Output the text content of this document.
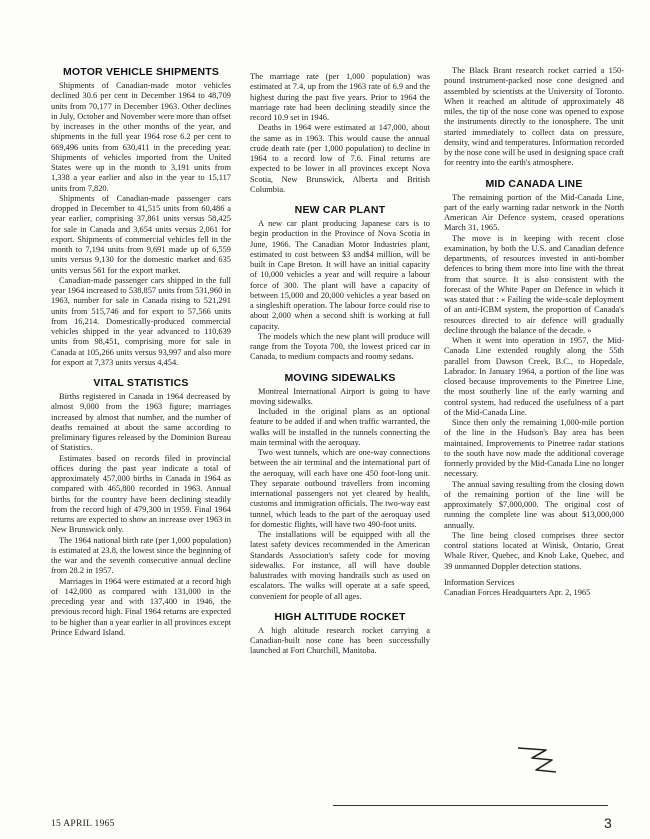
MOTOR VEHICLE SHIPMENTS

Shipments of Canadian-made motor vehicles declined 30.6 per cent in December 1964 to 48,709 units from 70,177 in December 1963. Other declines in July, October and November were more than offset by increases in the other months of the year, and shipments in the full year 1964 rose 6.2 per cent to 669,496 units from 630,411 in the preceding year. Shipments of vehicles imported from the United States were up in the month to 3,191 units from 1,338 a year earlier and also in the year to 15,117 units from 7,820.

Shipments of Canadian-made passenger cars dropped in December to 41,515 units from 60,486 a year earlier, comprising 37,861 units versus 58,425 for sale in Canada and 3,654 units versus 2,061 for export. Shipments of commercial vehicles fell in the month to 7,194 units from 9,691 made up of 6,559 units versus 9,130 for the domestic market and 635 units versus 561 for the export market.

Canadian-made passenger cars shipped in the full year 1964 increased to 538,857 units from 531,960 in 1963, number for sale in Canada rising to 521,291 units from 515,746 and for export to 57,566 units from 16,214. Domestically-produced commercial vehicles shipped in the year advanced to 110,639 units from 98,451, comprising more for sale in Canada at 105,266 units versus 93,997 and also more for export at 7,373 units versus 4,454.

VITAL STATISTICS

Births registered in Canada in 1964 decreased by almost 9,000 from the 1963 figure; marriages increased by almost that number, and the number of deaths remained at about the same according to preliminary figures released by the Dominion Bureau of Statistics.

Estimates based on records filed in provincial offices during the past year indicate a total of approximately 457,000 births in Canada in 1964 as compared with 465,800 recorded in 1963. Annual births for the country have been declining steadily from the record high of 479,300 in 1959. Final 1964 returns are expected to show an increase over 1963 in New Brunswick only.

The 1964 national birth rate (per 1,000 population) is estimated at 23.8, the lowest since the beginning of the war and the seventh consecutive annual decline from 28.2 in 1957.

Marriages in 1964 were estimated at a record high of 142,000 as compared with 131,000 in the preceding year and with 137,400 in 1946, the previous record high. Final 1964 returns are expected to be higher than a year earlier in all provinces except Prince Edward Island.

The marriage rate (per 1,000 population) was estimated at 7.4, up from the 1963 rate of 6.9 and the highest during the past five years. Prior to 1964 the marriage rate had been declining steadily since the record 10.9 set in 1946.

Deaths in 1964 were estimated at 147,000, about the same as in 1963. This would cause the annual crude death rate (per 1,000 population) to decline in 1964 to a record low of 7.6. Final returns are expected to be lower in all provinces except Nova Scotia, New Brunswick, Alberta and British Columbia.

NEW CAR PLANT

A new car plant producing Japanese cars is to begin production in the Province of Nova Scotia in June, 1966. The Canadian Motor Industries plant, estimated to cost between $3 and$4 million, will be built in Cape Breton. It will have an initial capacity of 10,000 vehicles a year and will require a labour force of 300. The plant will have a capacity of between 15,000 and 20,000 vehicles a year based on a singleshift operation. The labour force could rise to about 2,000 when a second shift is working at full capacity.

The models which the new plant will produce will range from the Toyota 700, the lowest priced car in Canada, to medium compacts and roomy sedans.

MOVING SIDEWALKS

Montreal International Airport is going to have moving sidewalks.

Included in the original plans as an optional feature to be added if and when traffic warranted, the walks will be installed in the tunnels connecting the main terminal with the aeroquay.

Two west tunnels, which are one-way connections between the air terminal and the international part of the aeroquay, will each have one 450 foot-long unit. They separate outbound travellers from incoming international passengers not yet cleared by health, customs and immigration officials. The two-way east tunnel, which leads to the part of the aeroquay used for domestic flights, will have two 490-foot units.

The installations will be equipped with all the latest safety devices recommended in the American Standards Association's safety code for moving sidewalks. For instance, all will have double balustrades with moving handrails such as used on escalators. The walks will operate at a safe speed, convenient for people of all ages.

HIGH ALTITUDE ROCKET

A high altitude research rocket carrying a Canadian-built nose cone has been successfully launched at Fort Churchill, Manitoba.

The Black Brant research rocket carried a 150-pound instrument-packed nose cone designed and assembled by scientists at the University of Toronto. When it reached an altitude of approximately 48 miles, the tip of the nose cone was opened to expose the instruments directly to the ionosphere. The unit started immediately to collect data on pressure, density, wind and temperatures. Information recorded by the nose cone will be used in designing space craft for reentry into the earth's atmosphere.

MID CANADA LINE

The remaining portion of the Mid-Canada Line, part of the early warning radar network in the North American Air Defence system, ceased operations March 31, 1965.

The move is in keeping with recent close examination, by both the U.S. and Canadian defence departments, of resources invested in anti-bomber defences to bring them more into line with the threat from that source. It is also consistent with the forecast of the White Paper on Defence in which it was stated that : « Failing the wide-scale deployment of an anti-ICBM system, the proportion of Canada's resources directed to air defence will gradually decline through the balance of the decade. »

When it went into operation in 1957, the Mid-Canada Line extended roughly along the 55th parallel from Dawson Creek, B.C., to Hopedale, Labrador. In January 1964, a portion of the line was closed because improvements to the Pinetree Line, the most southerly line of the early warning and control system, had reduced the usefulness of a part of the Mid-Canada Line.

Since then only the remaining 1,000-mile portion of the line in the Hudson's Bay area has been maintained. Improvements to Pinetree radar stations to the south have now made the additional coverage formerly provided by the Mid-Canada Line no longer necessary.

The annual saving resulting from the closing down of the remaining portion of the line will be approximately $7,000,000. The original cost of running the complete line was about $13,000,000 annually.

The line being closed comprises three sector control stations located at Winisk, Ontario, Great Whale River, Quebec, and Knob Lake, Quebec, and 39 unmanned Doppler detection stations.

Information Services

Canadian Forces Headquarters Apr. 2, 1965

15 APRIL 1965	3
